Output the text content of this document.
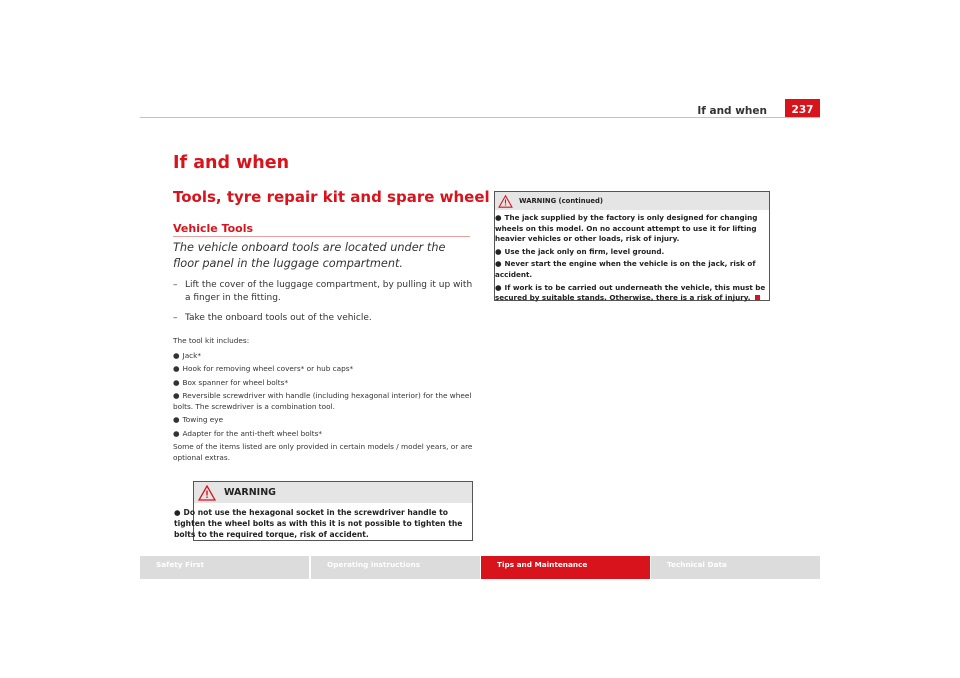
If and when	237
If and when
Tools, tyre repair kit and spare wheel
Vehicle Tools
The vehicle onboard tools are located under the floor panel in the luggage compartment.
– Lift the cover of the luggage compartment, by pulling it up with a finger in the fitting.
– Take the onboard tools out of the vehicle.

The tool kit includes:

● Jack*
● Hook for removing wheel covers* or hub caps*
● Box spanner for wheel bolts*
● Reversible screwdriver with handle (including hexagonal interior) for the wheel bolts. The screwdriver is a combination tool.
● Towing eye
● Adapter for the anti-theft wheel bolts*

Some of the items listed are only provided in certain models / model years, or are optional extras.

WARNING

● Do not use the hexagonal socket in the screwdriver handle to tighten the wheel bolts as with this it is not possible to tighten the bolts to the required torque, risk of accident.

WARNING (continued)

● The jack supplied by the factory is only designed for changing wheels on this model. On no account attempt to use it for lifting heavier vehicles or other loads, risk of injury.

● Use the jack only on firm, level ground.

● Never start the engine when the vehicle is on the jack, risk of accident.

● If work is to be carried out underneath the vehicle, this must be secured by suitable stands. Otherwise, there is a risk of injury.

Safety First	Operating instructions	Tips and Maintenance	Technical Data
